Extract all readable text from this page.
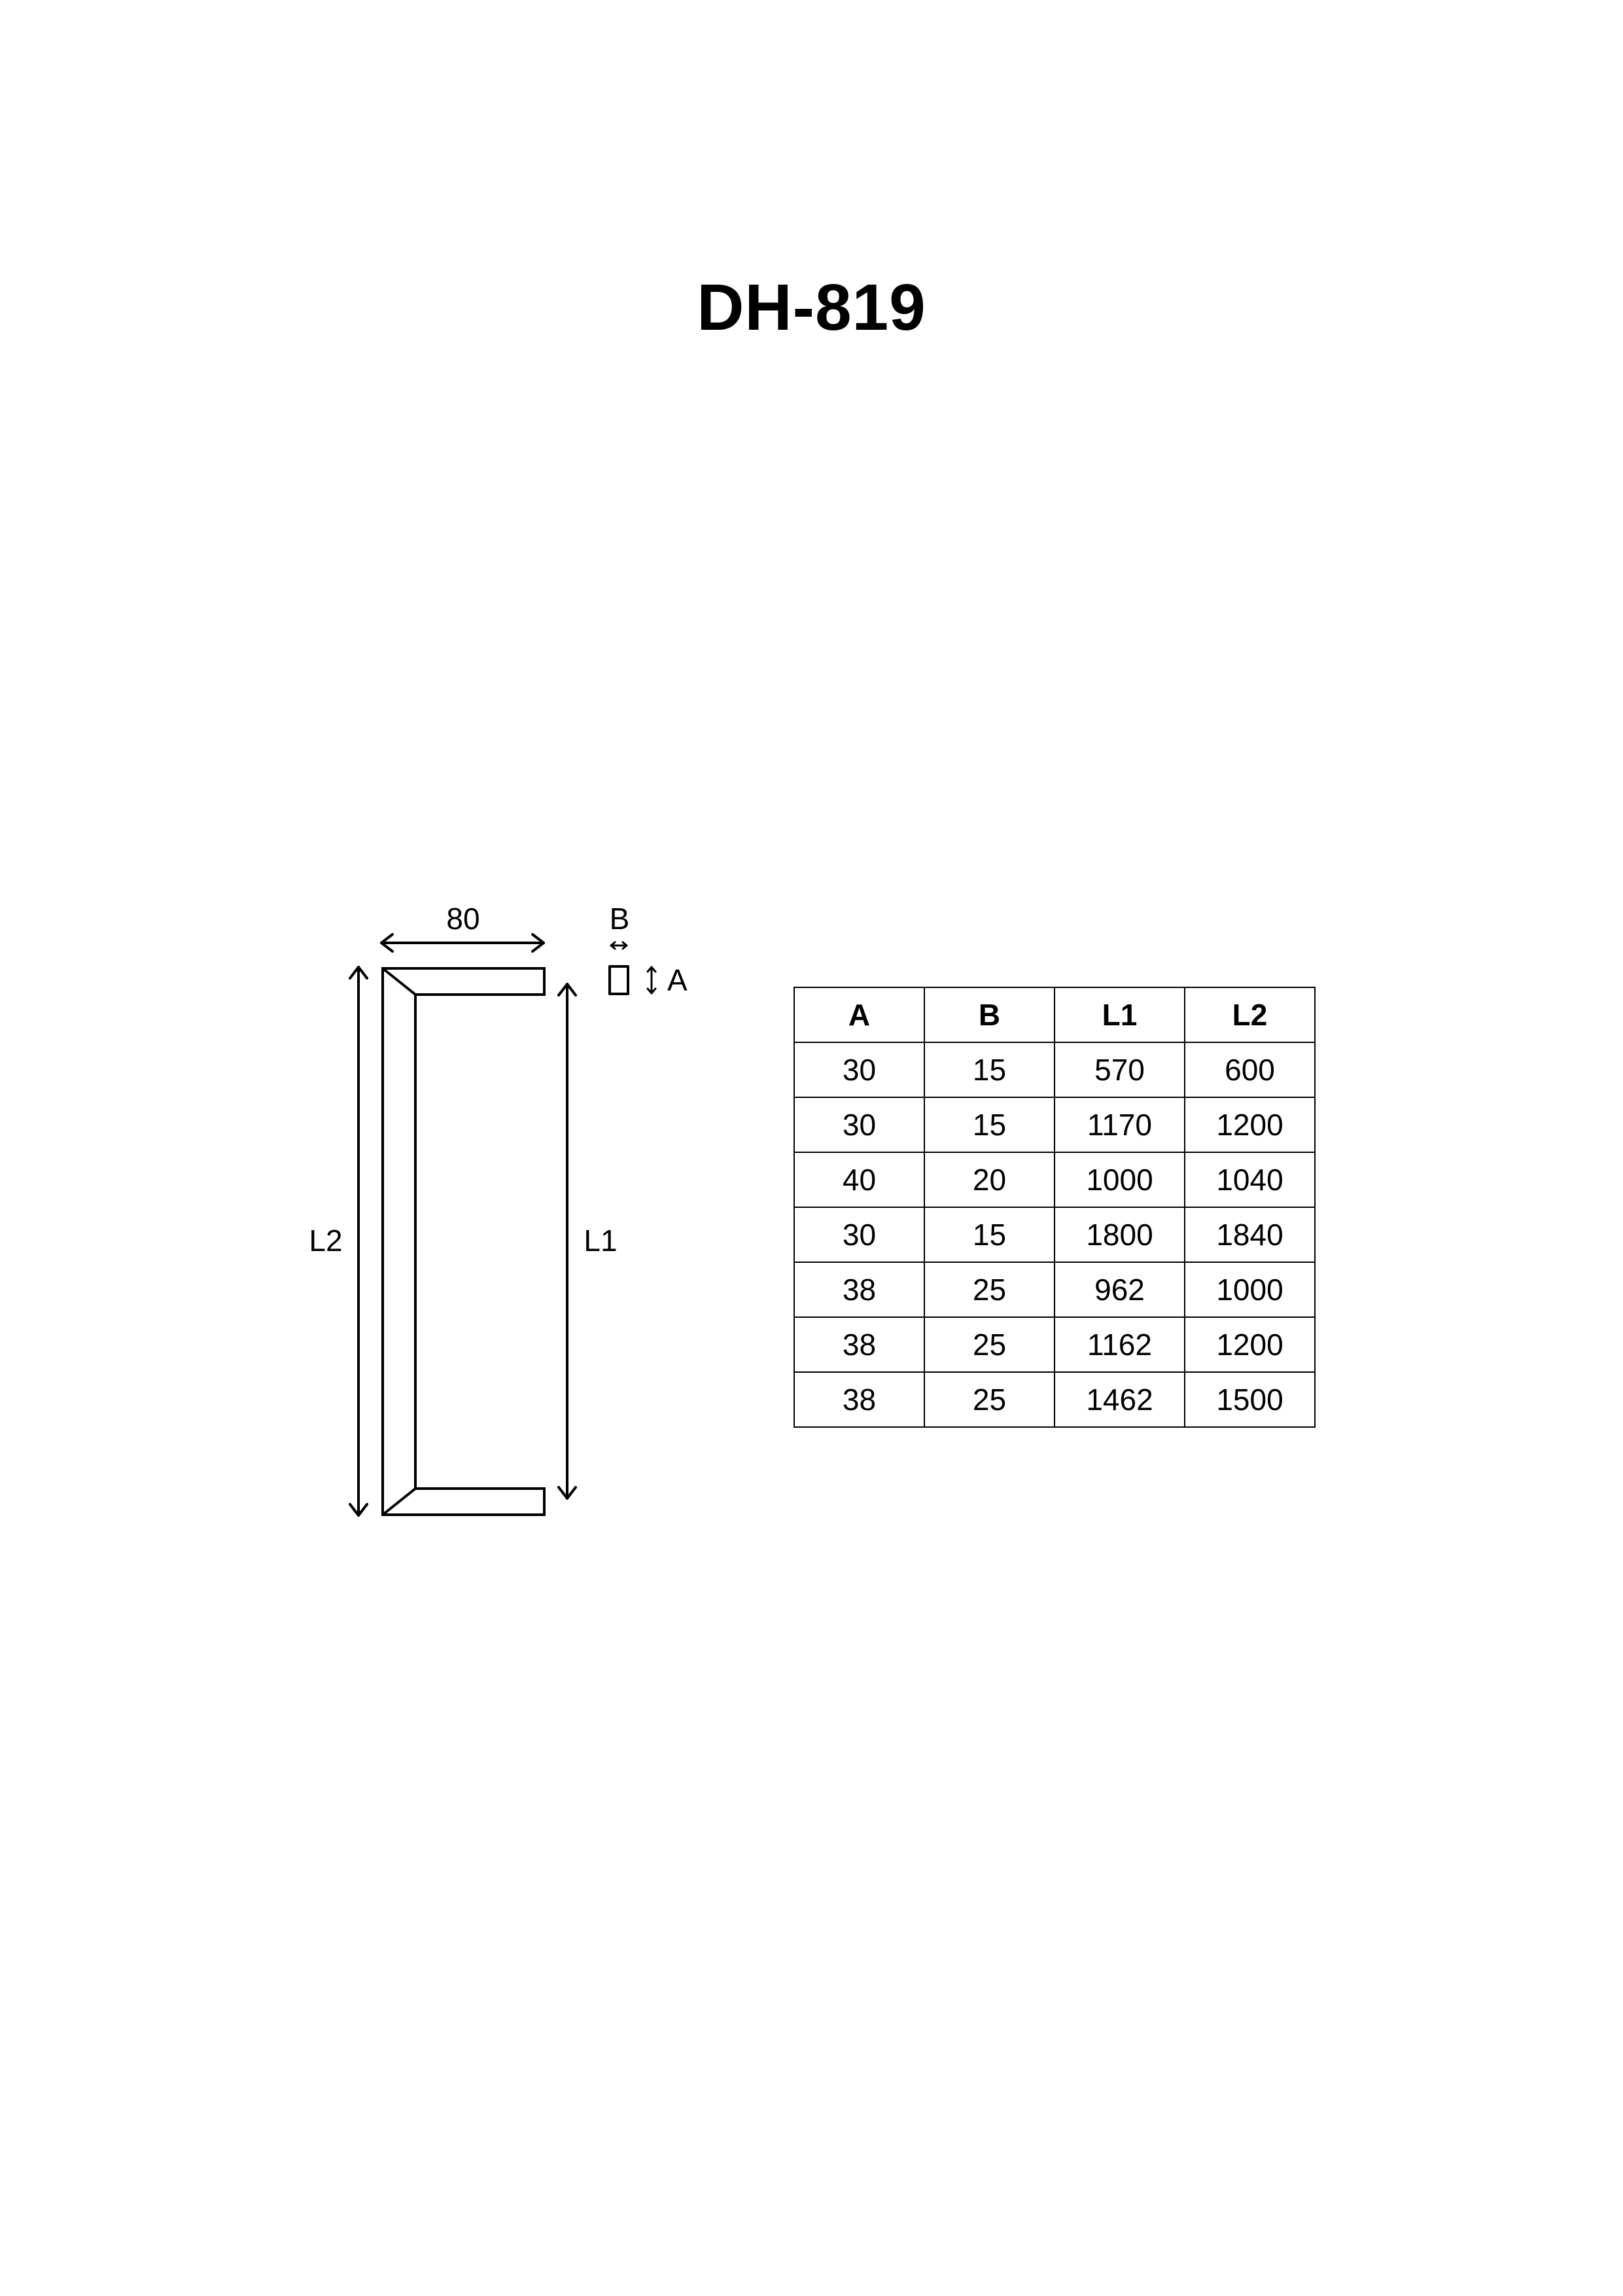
DH-819
80
L2	L1
B
A
A	B	L1	L2
30	15	570	600
30	15	1170	1200
40	20	1000	1040
30	15	1800	1840
38	25	962	1000
38	25	1162	1200
38	25	1462	1500
